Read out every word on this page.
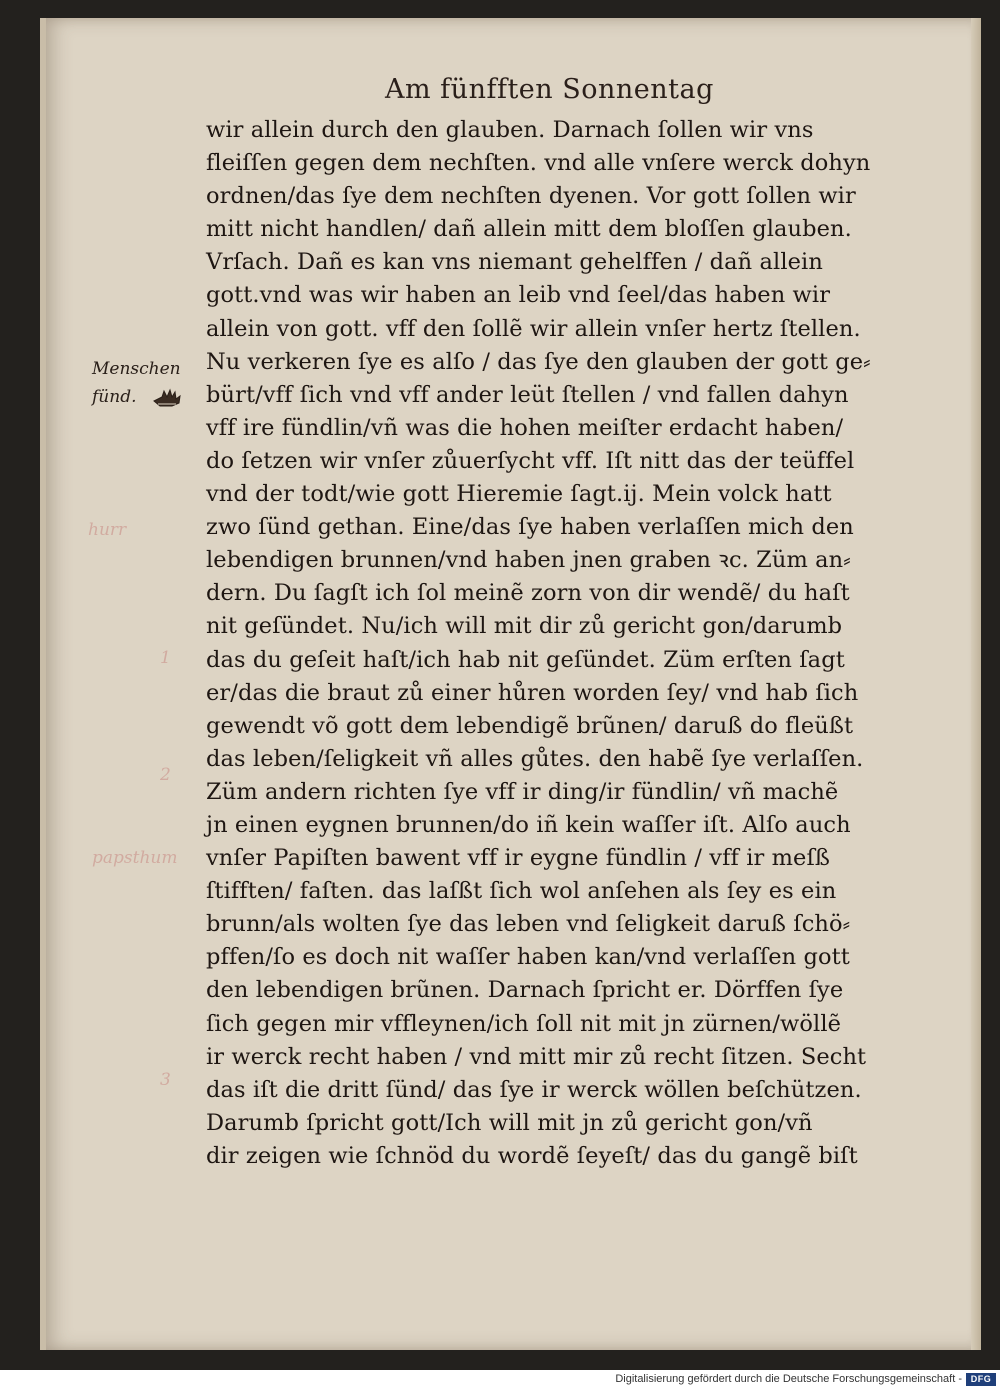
Am fünfften Sonnentag
Menschen
fünd.
hurr
1
2
papsthum
3
wir allein durch den glauben. Darnach ſollen wir vns
fleiſſen gegen dem nechſten. vnd alle vnſere werck dohyn
ordnen/das ſye dem nechſten dyenen. Vor gott ſollen wir
mitt nicht handlen/ dañ allein mitt dem bloſſen glauben.
Vrſach. Dañ es kan vns niemant gehelffen / dañ allein
gott.vnd was wir haben an leib vnd ſeel/das haben wir
allein von gott. vff den ſollẽ wir allein vnſer hertz ſtellen.
Nu verkeren ſye es alſo / das ſye den glauben der gott ge⸗
bürt/vff ſich vnd vff ander leüt ſtellen / vnd fallen dahyn
vff ire fündlin/vñ was die hohen meiſter erdacht haben/
do ſetzen wir vnſer zůuerſycht vff. Iſt nitt das der teüffel
vnd der todt/wie gott Hieremie ſagt.ij. Mein volck hatt
zwo ſünd gethan. Eine/das ſye haben verlaſſen mich den
lebendigen brunnen/vnd haben jnen graben ꝛc. Züm an⸗
dern. Du ſagſt ich ſol meinẽ zorn von dir wendẽ/ du haſt
nit geſündet. Nu/ich will mit dir zů gericht gon/darumb
das du geſeit haſt/ich hab nit geſündet. Züm erſten ſagt
er/das die braut zů einer hůren worden ſey/ vnd hab ſich
gewendt võ gott dem lebendigẽ brũnen/ daruß do fleüßt
das leben/ſeligkeit vñ alles gůtes. den habẽ ſye verlaſſen.
Züm andern richten ſye vff ir ding/ir fündlin/ vñ machẽ
jn einen eygnen brunnen/do iñ kein waſſer iſt. Alſo auch
vnſer Papiſten bawent vff ir eygne fündlin / vff ir meſß
ſtifften/ faſten. das laſßt ſich wol anſehen als ſey es ein
brunn/als wolten ſye das leben vnd ſeligkeit daruß ſchö⸗
pffen/ſo es doch nit waſſer haben kan/vnd verlaſſen gott
den lebendigen brũnen. Darnach ſpricht er. Dörffen ſye
ſich gegen mir vffleynen/ich ſoll nit mit jn zürnen/wöllẽ
ir werck recht haben / vnd mitt mir zů recht ſitzen. Secht
das iſt die dritt ſünd/ das ſye ir werck wöllen beſchützen.
Darumb ſpricht gott/Ich will mit jn zů gericht gon/vñ
dir zeigen wie ſchnöd du wordẽ ſeyeſt/ das du gangẽ biſt
Digitalisierung gefördert durch die Deutsche Forschungsgemeinschaft - DFG
